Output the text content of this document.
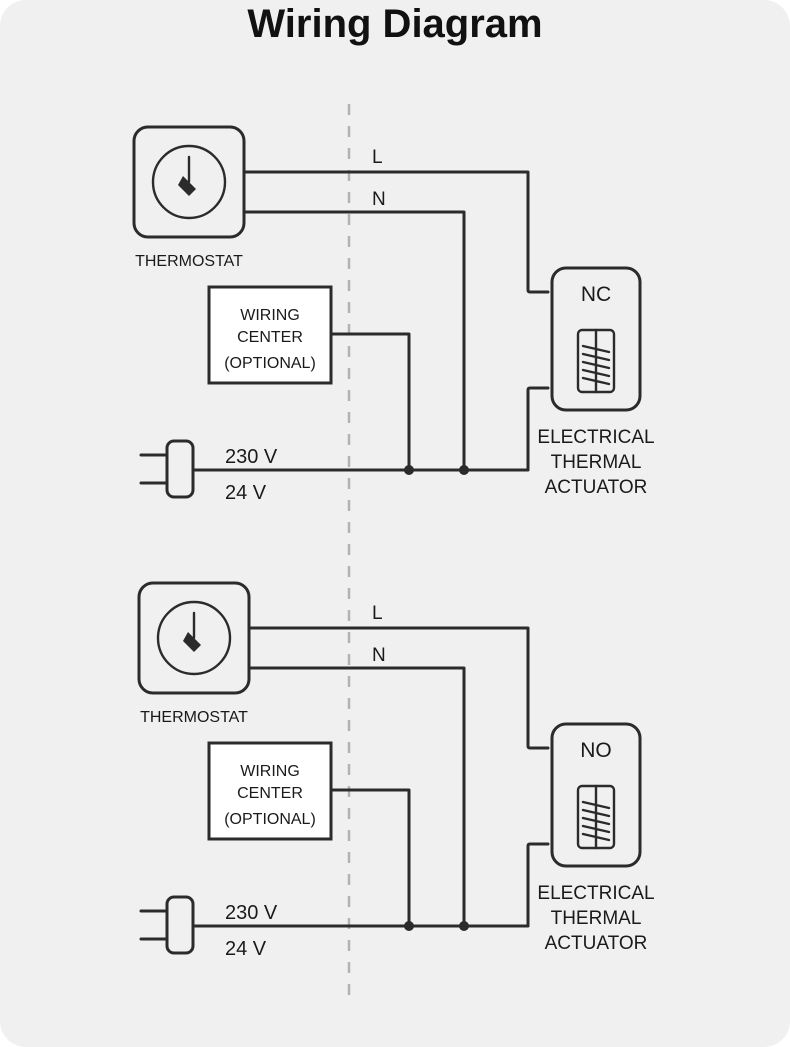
Wiring Diagram
THERMOSTAT
L
N
WIRING
CENTER
(OPTIONAL)
230 V
24 V
NC
ELECTRICAL
THERMAL
ACTUATOR
THERMOSTAT
L
N
WIRING
CENTER
(OPTIONAL)
230 V
24 V
NO
ELECTRICAL
THERMAL
ACTUATOR
